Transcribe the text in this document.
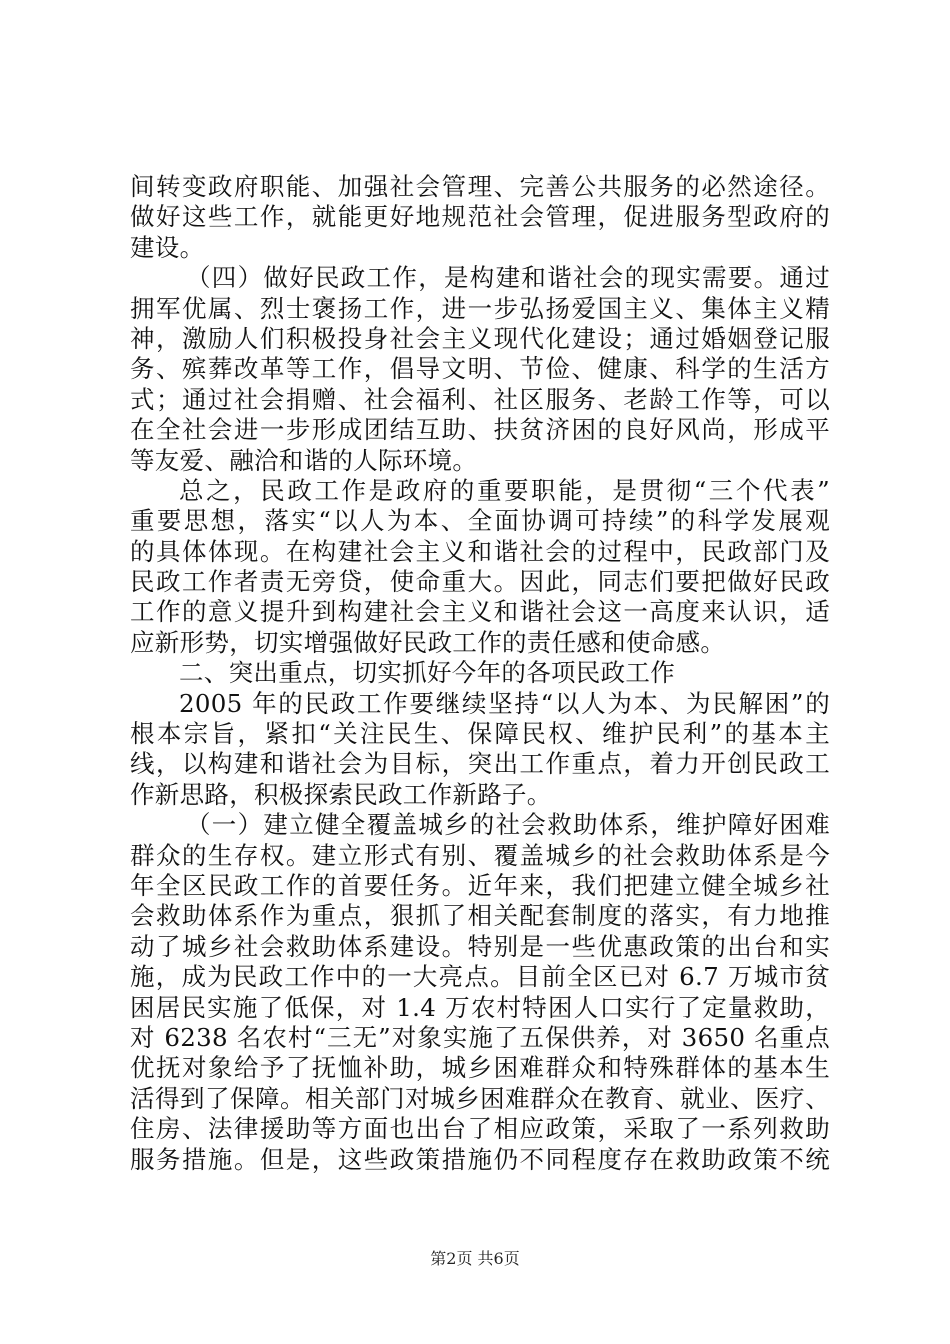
间转变政府职能、加强社会管理、完善公共服务的必然途径。
做好这些工作，就能更好地规范社会管理，促进服务型政府的
建设。
（四）做好民政工作，是构建和谐社会的现实需要。通过
拥军优属、烈士褒扬工作，进一步弘扬爱国主义、集体主义精
神，激励人们积极投身社会主义现代化建设；通过婚姻登记服
务、殡葬改革等工作，倡导文明、节俭、健康、科学的生活方
式；通过社会捐赠、社会福利、社区服务、老龄工作等，可以
在全社会进一步形成团结互助、扶贫济困的良好风尚，形成平
等友爱、融洽和谐的人际环境。
总之，民政工作是政府的重要职能，是贯彻“三个代表”
重要思想，落实“以人为本、全面协调可持续”的科学发展观
的具体体现。在构建社会主义和谐社会的过程中，民政部门及
民政工作者责无旁贷，使命重大。因此，同志们要把做好民政
工作的意义提升到构建社会主义和谐社会这一高度来认识，适
应新形势，切实增强做好民政工作的责任感和使命感。
二、突出重点，切实抓好今年的各项民政工作
2005 年的民政工作要继续坚持“以人为本、为民解困”的
根本宗旨，紧扣“关注民生、保障民权、维护民利”的基本主
线，以构建和谐社会为目标，突出工作重点，着力开创民政工
作新思路，积极探索民政工作新路子。
（一）建立健全覆盖城乡的社会救助体系，维护障好困难
群众的生存权。建立形式有别、覆盖城乡的社会救助体系是今
年全区民政工作的首要任务。近年来，我们把建立健全城乡社
会救助体系作为重点，狠抓了相关配套制度的落实，有力地推
动了城乡社会救助体系建设。特别是一些优惠政策的出台和实
施，成为民政工作中的一大亮点。目前全区已对 6.7 万城市贫
困居民实施了低保，对 1.4 万农村特困人口实行了定量救助，
对 6238 名农村“三无”对象实施了五保供养，对 3650 名重点
优抚对象给予了抚恤补助，城乡困难群众和特殊群体的基本生
活得到了保障。相关部门对城乡困难群众在教育、就业、医疗、
住房、法律援助等方面也出台了相应政策，采取了一系列救助
服务措施。但是，这些政策措施仍不同程度存在救助政策不统
第2页 共6页
